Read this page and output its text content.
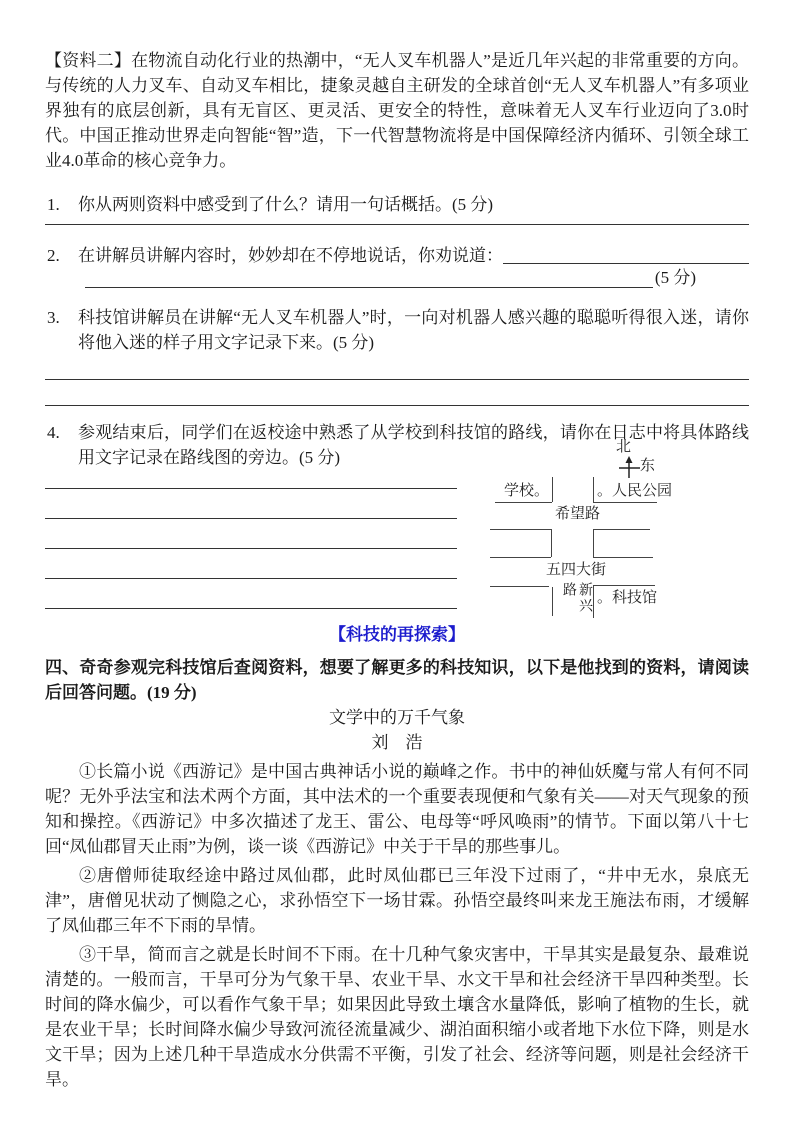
【资料二】在物流自动化行业的热潮中，“无人叉车机器人”是近几年兴起的非常重要的方向。与传统的人力叉车、自动叉车相比，捷象灵越自主研发的全球首创“无人叉车机器人”有多项业界独有的底层创新，具有无盲区、更灵活、更安全的特性，意味着无人叉车行业迈向了3.0时代。中国正推动世界走向智能“智”造，下一代智慧物流将是中国保障经济内循环、引领全球工业4.0革命的核心竞争力。
1. 你从两则资料中感受到了什么？请用一句话概括。(5 分)
2. 在讲解员讲解内容时，妙妙却在不停地说话，你劝说道：
(5 分)
3. 科技馆讲解员在讲解“无人叉车机器人”时，一向对机器人感兴趣的聪聪听得很入迷，请你将他入迷的样子用文字记录下来。(5 分)
4. 参观结束后，同学们在返校途中熟悉了从学校到科技馆的路线，请你在日志中将具体路线用文字记录在路线图的旁边。(5 分)
北
东
学校。	。人民公园
希望路
五四大街
新兴路	。科技馆
【科技的再探索】
四、奇奇参观完科技馆后查阅资料，想要了解更多的科技知识，以下是他找到的资料，请阅读后回答问题。(19 分)
文学中的万千气象
刘　浩
①长篇小说《西游记》是中国古典神话小说的巅峰之作。书中的神仙妖魔与常人有何不同呢？无外乎法宝和法术两个方面，其中法术的一个重要表现便和气象有关——对天气现象的预知和操控。《西游记》中多次描述了龙王、雷公、电母等“呼风唤雨”的情节。下面以第八十七回“凤仙郡冒天止雨”为例，谈一谈《西游记》中关于干旱的那些事儿。
②唐僧师徒取经途中路过凤仙郡，此时凤仙郡已三年没下过雨了，“井中无水，泉底无津”，唐僧见状动了恻隐之心，求孙悟空下一场甘霖。孙悟空最终叫来龙王施法布雨，才缓解了凤仙郡三年不下雨的旱情。
③干旱，简而言之就是长时间不下雨。在十几种气象灾害中，干旱其实是最复杂、最难说清楚的。一般而言，干旱可分为气象干旱、农业干旱、水文干旱和社会经济干旱四种类型。长时间的降水偏少，可以看作气象干旱；如果因此导致土壤含水量降低，影响了植物的生长，就是农业干旱；长时间降水偏少导致河流径流量减少、湖泊面积缩小或者地下水位下降，则是水文干旱；因为上述几种干旱造成水分供需不平衡，引发了社会、经济等问题，则是社会经济干旱。
